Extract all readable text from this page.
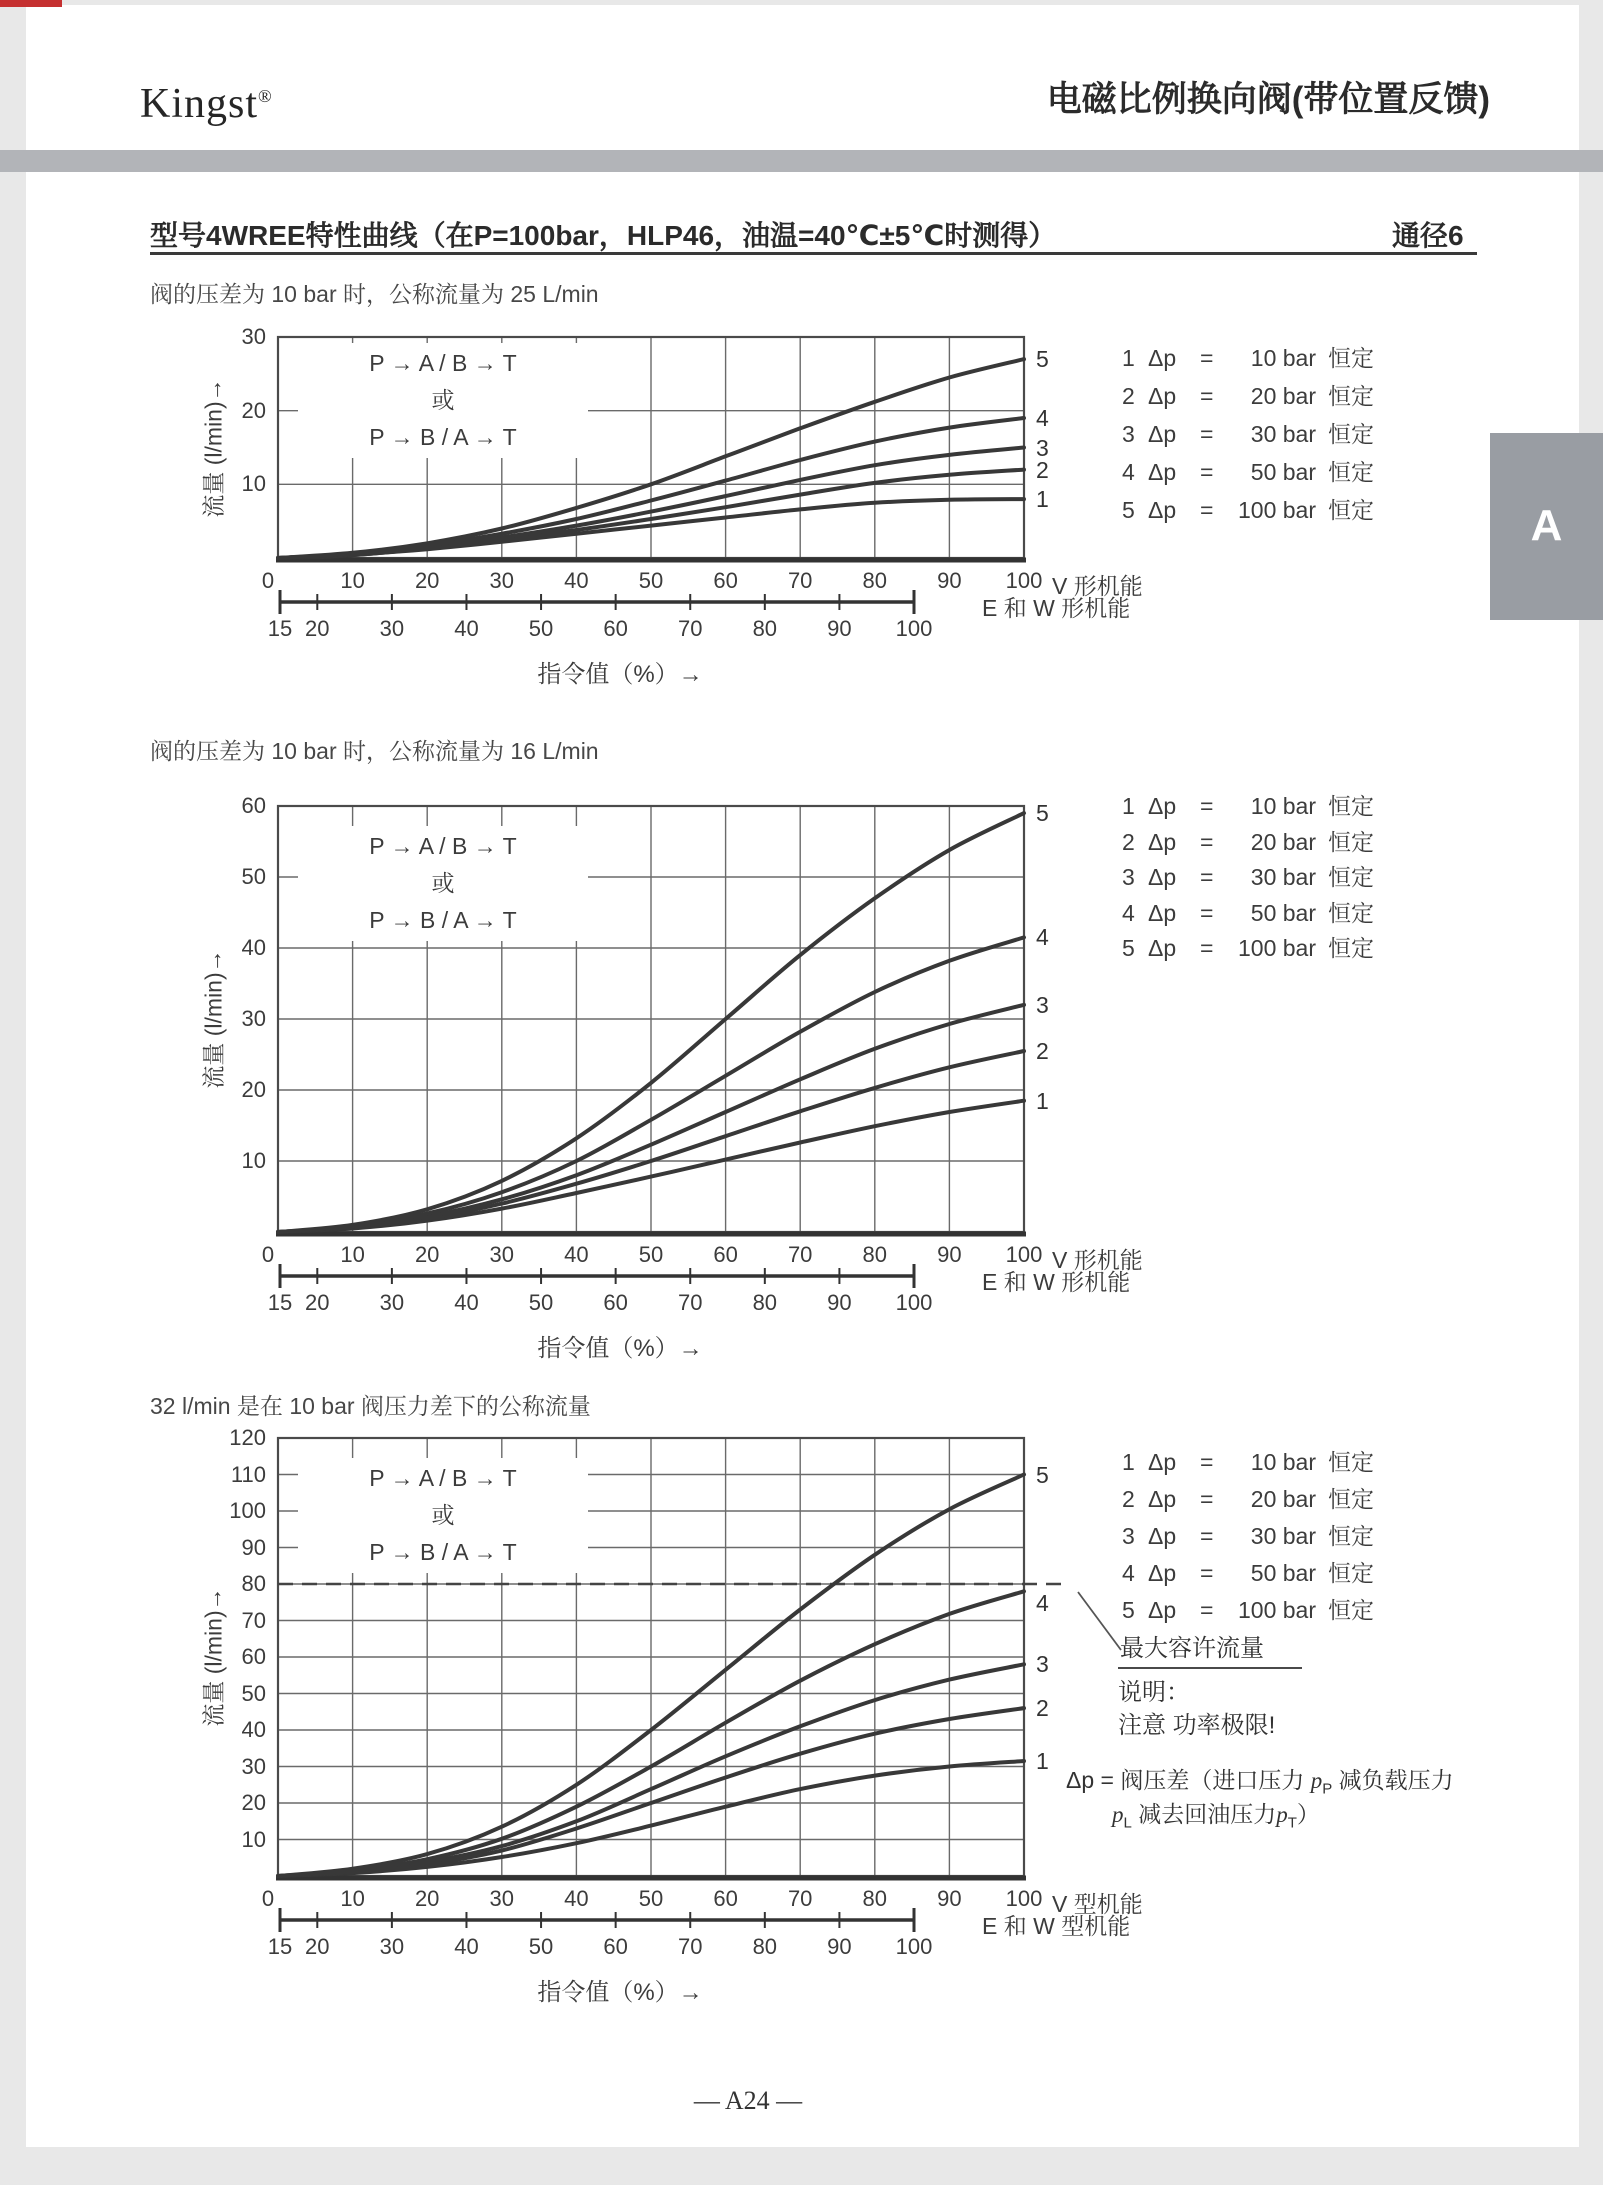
Kingst®	电磁比例换向阀(带位置反馈)
型号4WREE特性曲线（在P=100bar，HLP46，油温=40℃±5℃时测得）	通径6
A
阀的压差为 10 bar 时，公称流量为 25 L/min
流量 (l/min)→ 10
20
30
P → A / B → T
或
P → B / A → T
1
2
3
4
5
0	10	20	30	40	50	60	70	80	90	100 V 形机能
15 20	30	40	50	60	70	80	90	100
E 和 W 形机能
指令值（%）→
1 Δp	=	10 bar 恒定
2 Δp	=	20 bar 恒定
3 Δp	=	30 bar 恒定
4 Δp	=	50 bar 恒定
5 Δp	=	100 bar 恒定
阀的压差为 10 bar 时，公称流量为 16 L/min
流量 (l/min)→
10
20
30
40
50
60
P → A / B → T
或
P → B / A → T
1
2
3
4
5
0	10	20	30	40	50	60	70	80	90	100 V 形机能
15 20	30	40	50	60	70	80	90	100
E 和 W 形机能
指令值（%）→
1 Δp	=	10 bar 恒定
2 Δp	=	20 bar 恒定
3 Δp	=	30 bar 恒定
4 Δp	=	50 bar 恒定
5 Δp	=	100 bar 恒定
32 l/min 是在 10 bar 阀压力差下的公称流量
流量 (l/min)→
10
20
30
40
50
60
70
80
90
100
110
120
P → A / B → T
或
P → B / A → T
1
2
3
4
5
0	10	20	30	40	50	60	70	80	90	100 V 型机能
15 20	30	40	50	60	70	80	90	100
E 和 W 型机能
指令值（%）→
1 Δp	=	10 bar 恒定
2 Δp	=	20 bar 恒定
3 Δp	=	30 bar 恒定
4 Δp	=	50 bar 恒定
5 Δp	=	100 bar 恒定
最大容许流量
说明：
注意 功率极限!
Δp = 阀压差（进口压力 $p_P$ 减负载压力
$p_L$ 减去回油压力$p_T$）
— A24 —
